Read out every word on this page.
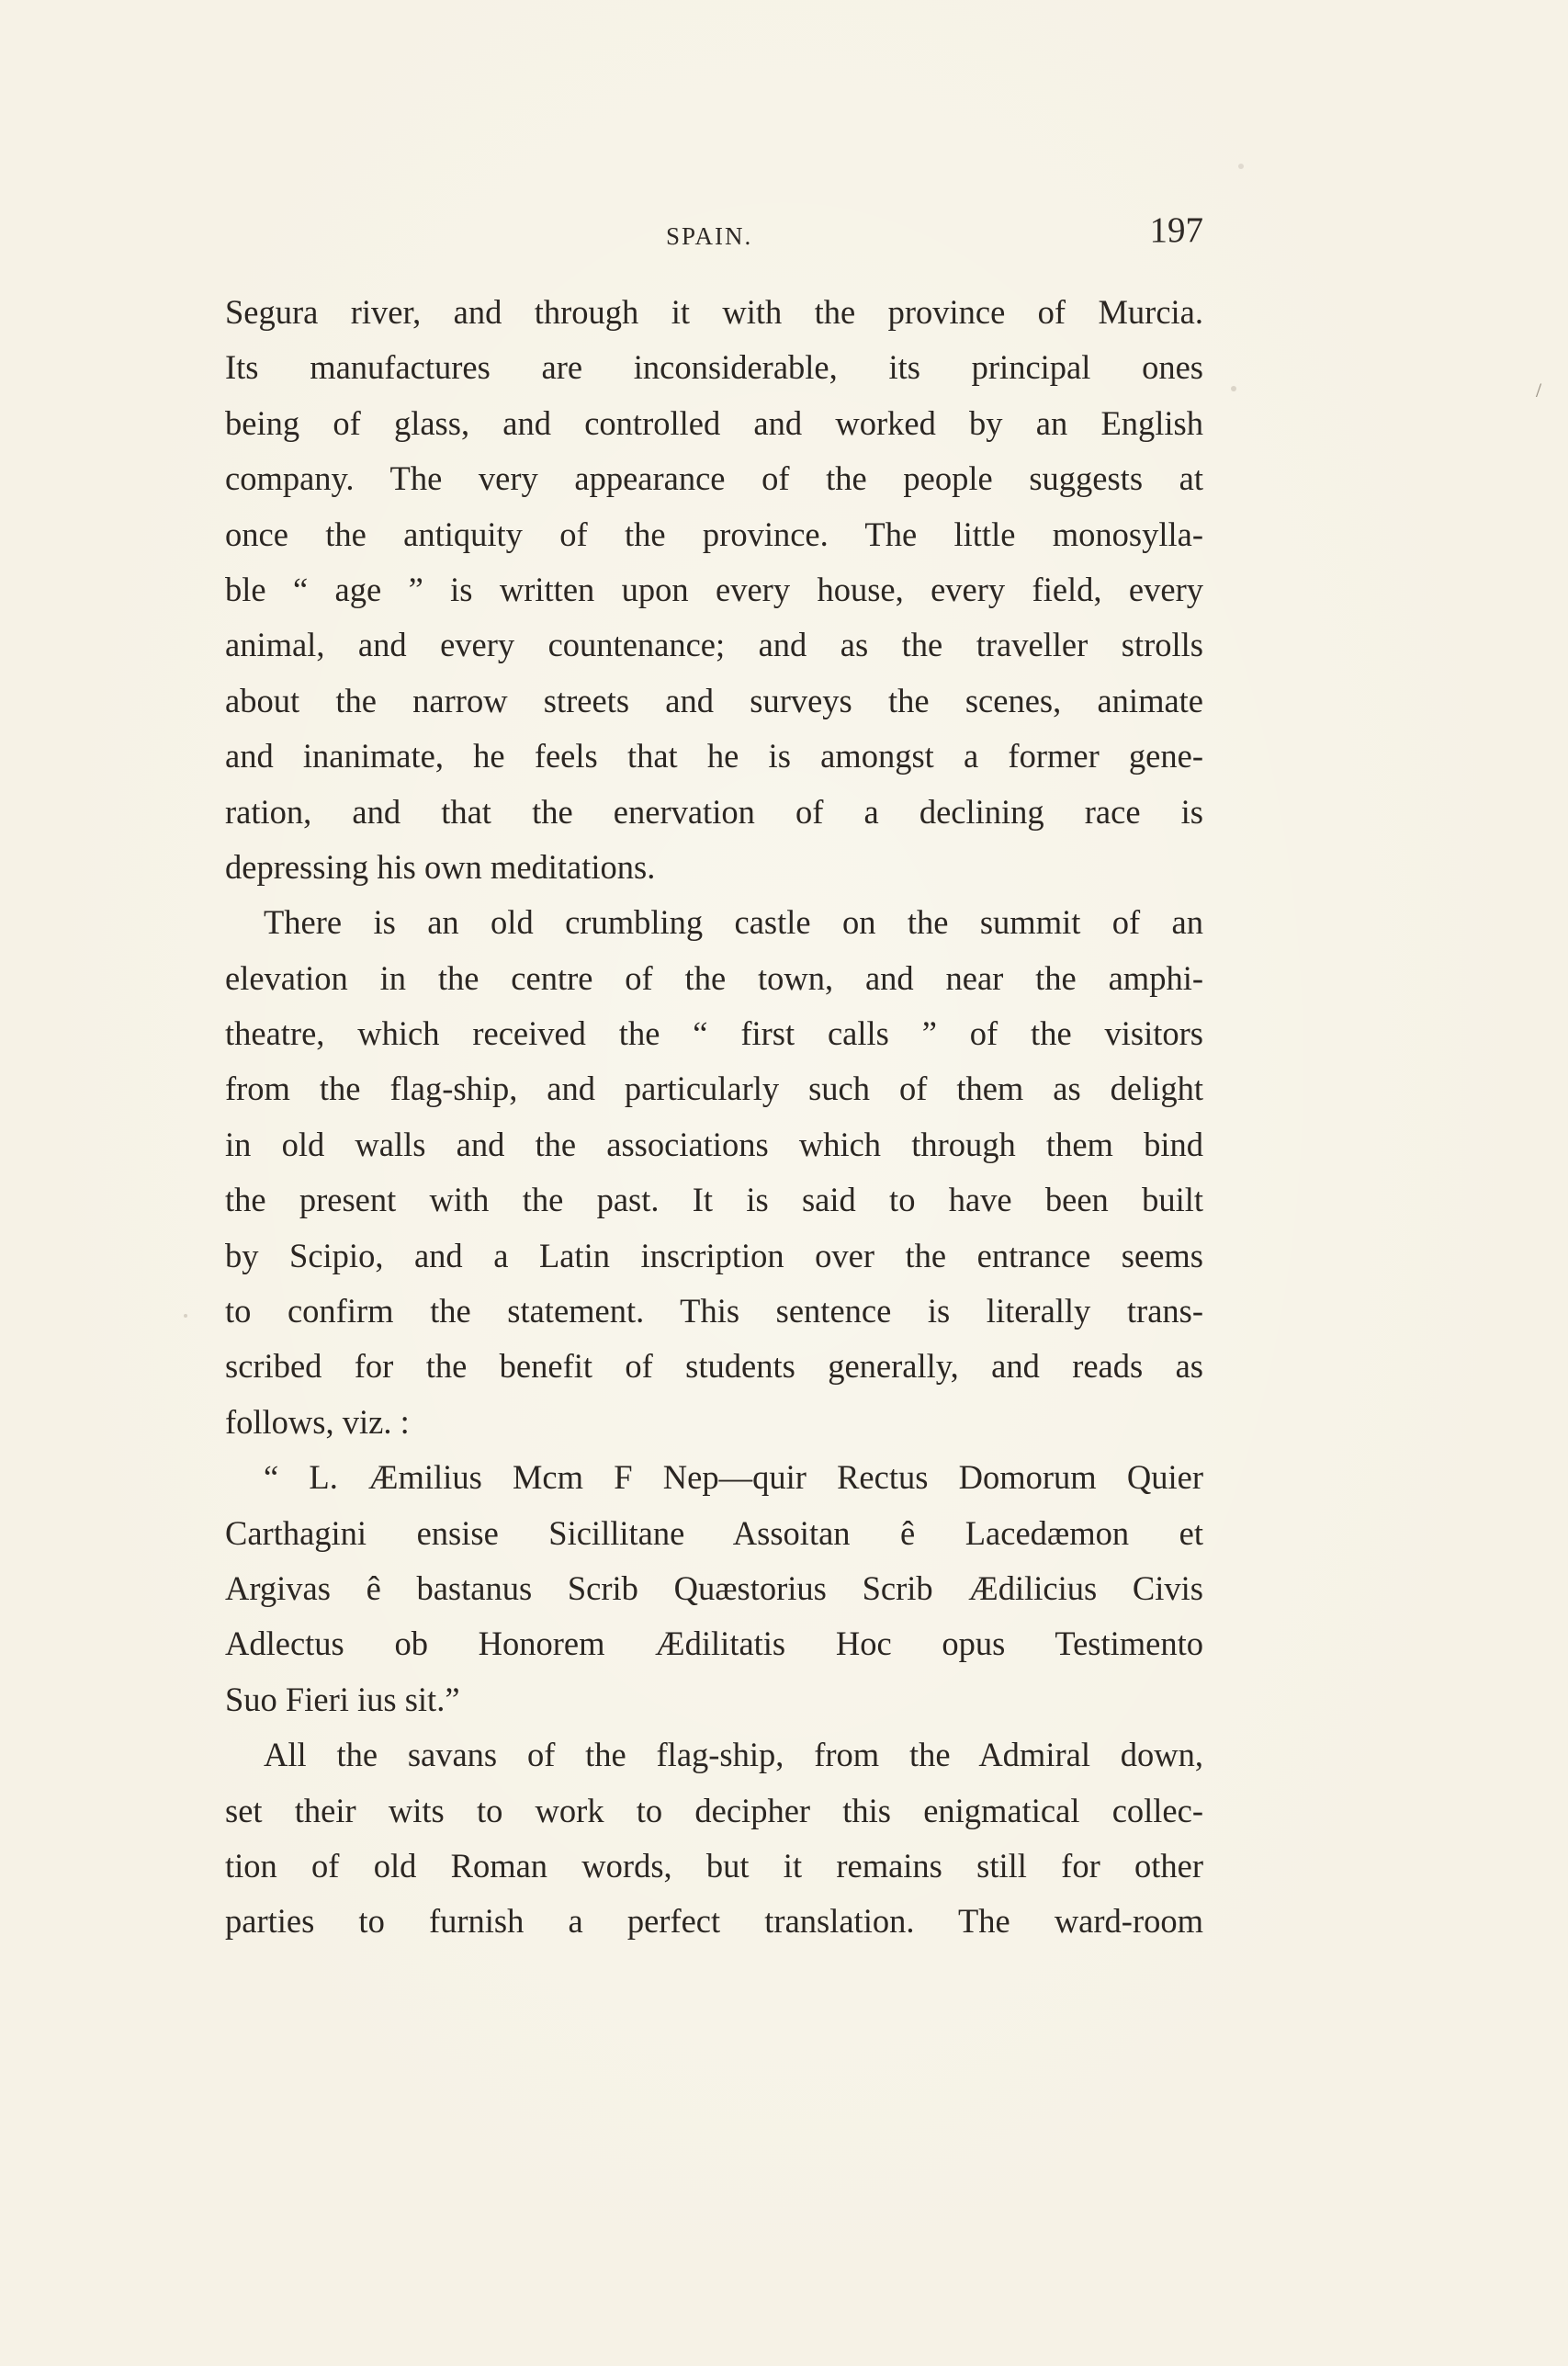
SPAIN.	197
Segura river, and through it with the province of Murcia.
Its manufactures are inconsiderable, its principal ones
being of glass, and controlled and worked by an English
company. The very appearance of the people suggests at
once the antiquity of the province. The little monosylla-
ble “ age ” is written upon every house, every field, every
animal, and every countenance; and as the traveller strolls
about the narrow streets and surveys the scenes, animate
and inanimate, he feels that he is amongst a former gene-
ration, and that the enervation of a declining race is
depressing his own meditations.
There is an old crumbling castle on the summit of an
elevation in the centre of the town, and near the amphi-
theatre, which received the “ first calls ” of the visitors
from the flag-ship, and particularly such of them as delight
in old walls and the associations which through them bind
the present with the past. It is said to have been built
by Scipio, and a Latin inscription over the entrance seems
to confirm the statement. This sentence is literally trans-
scribed for the benefit of students generally, and reads as
follows, viz. :
“ L. Æmilius Mcm F Nep—quir Rectus Domorum Quier
Carthagini ensise Sicillitane Assoitan ê Lacedæmon et
Argivas ê bastanus Scrib Quæstorius Scrib Ædilicius Civis
Adlectus ob Honorem Ædilitatis Hoc opus Testimento
Suo Fieri ius sit.”
All the savans of the flag-ship, from the Admiral down,
set their wits to work to decipher this enigmatical collec-
tion of old Roman words, but it remains still for other
parties to furnish a perfect translation. The ward-room
/
